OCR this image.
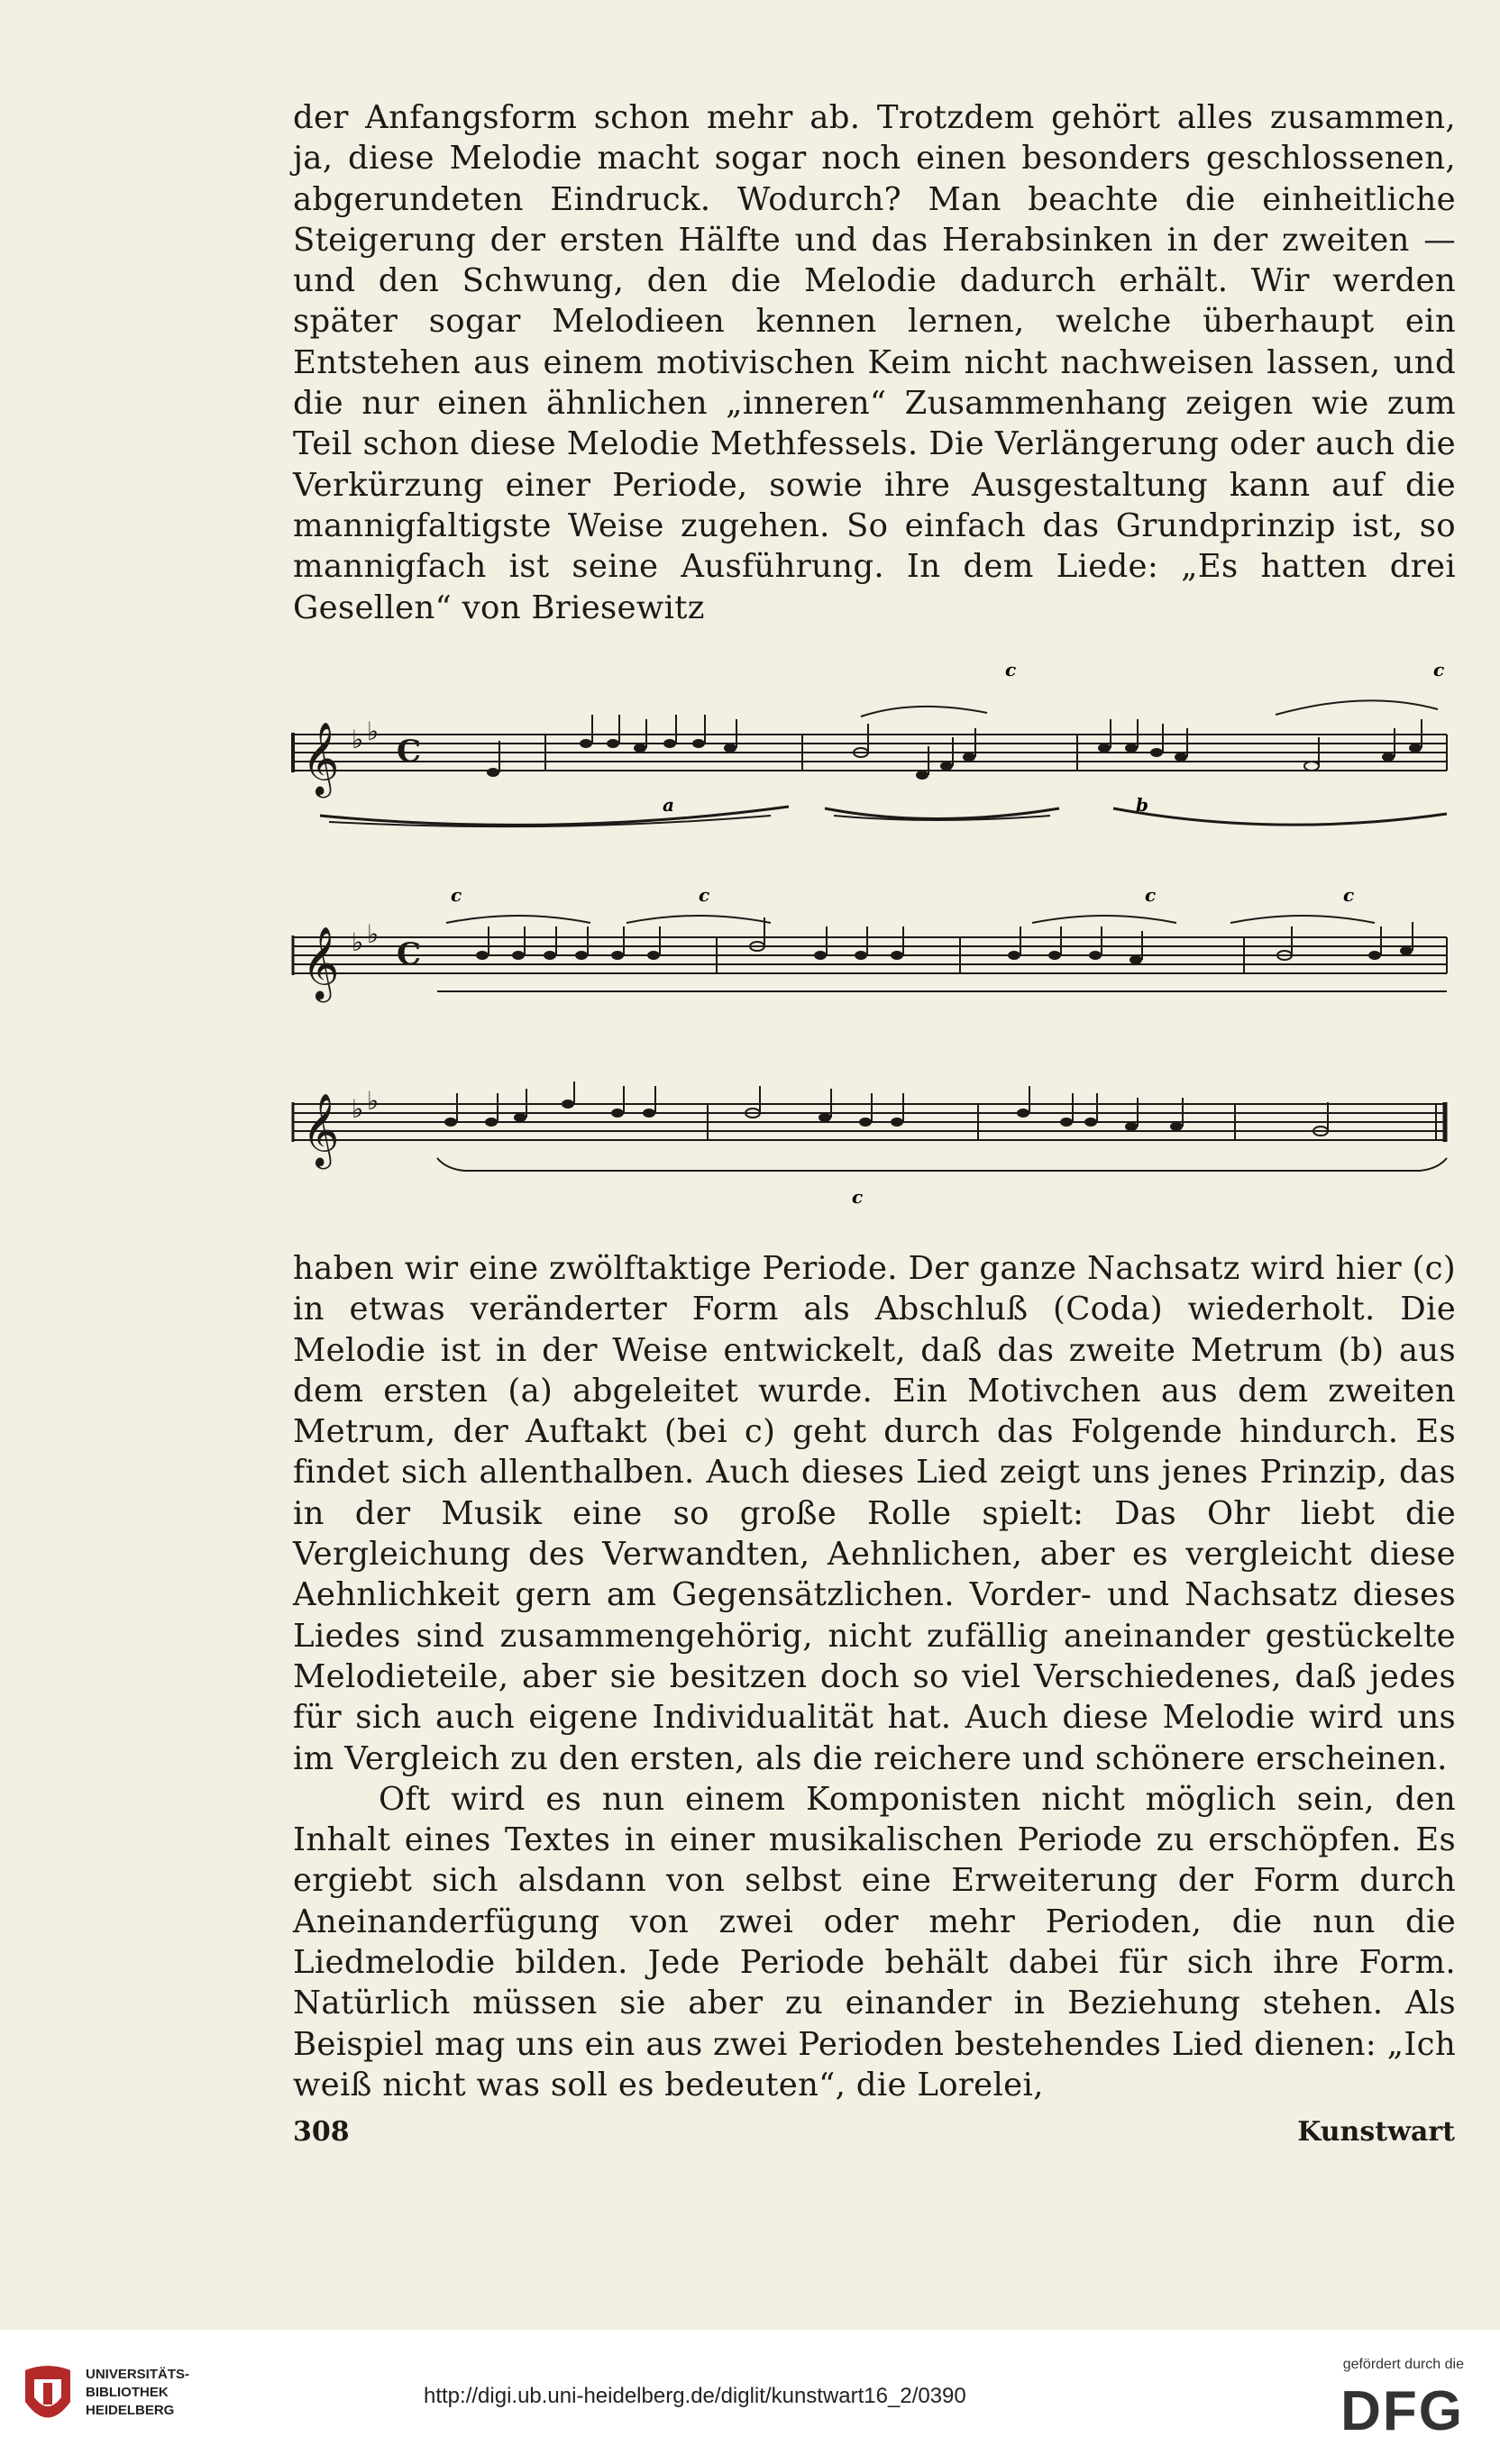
der Anfangsform schon mehr ab. Trotzdem gehört alles zusammen, ja, diese Melodie macht sogar noch einen besonders geschlossenen, abgerundeten Eindruck. Wodurch? Man beachte die einheitliche Steigerung der ersten Hälfte und das Herabsinken in der zweiten — und den Schwung, den die Melodie dadurch erhält. Wir werden später sogar Melodieen kennen lernen, welche überhaupt ein Entstehen aus einem motivischen Keim nicht nachweisen lassen, und die nur einen ähnlichen „inneren“ Zusammenhang zeigen wie zum Teil schon diese Melodie Methfessels. Die Verlängerung oder auch die Verkürzung einer Periode, sowie ihre Ausgestaltung kann auf die mannigfaltigste Weise zugehen. So einfach das Grundprinzip ist, so mannigfach ist seine Ausführung. In dem Liede: „Es hatten drei Gesellen“ von Briesewitz

𝄞 ♭ ♭
C
a	b
c	c
𝄞 ♭ ♭
C
c	c	c	c
𝄞 ♭ ♭
c

haben wir eine zwölftaktige Periode. Der ganze Nachsatz wird hier (c) in etwas veränderter Form als Abschluß (Coda) wiederholt. Die Melodie ist in der Weise entwickelt, daß das zweite Metrum (b) aus dem ersten (a) abgeleitet wurde. Ein Motivchen aus dem zweiten Metrum, der Auftakt (bei c) geht durch das Folgende hindurch. Es findet sich allenthalben. Auch dieses Lied zeigt uns jenes Prinzip, das in der Musik eine so große Rolle spielt: Das Ohr liebt die Vergleichung des Verwandten, Aehnlichen, aber es vergleicht diese Aehnlichkeit gern am Gegensätzlichen. Vorder- und Nachsatz dieses Liedes sind zusammengehörig, nicht zufällig aneinander gestückelte Melodieteile, aber sie besitzen doch so viel Verschiedenes, daß jedes für sich auch eigene Individualität hat. Auch diese Melodie wird uns im Vergleich zu den ersten, als die reichere und schönere erscheinen.

Oft wird es nun einem Komponisten nicht möglich sein, den Inhalt eines Textes in einer musikalischen Periode zu erschöpfen. Es ergiebt sich alsdann von selbst eine Erweiterung der Form durch Aneinanderfügung von zwei oder mehr Perioden, die nun die Liedmelodie bilden. Jede Periode behält dabei für sich ihre Form. Natürlich müssen sie aber zu einander in Beziehung stehen. Als Beispiel mag uns ein aus zwei Perioden bestehendes Lied dienen: „Ich weiß nicht was soll es bedeuten“, die Lorelei,

308	Kunstwart
UNIVERSITÄTS-
BIBLIOTHEK
HEIDELBERG
http://digi.ub.uni-heidelberg.de/diglit/kunstwart16_2/0390
gefördert durch die
DFG
